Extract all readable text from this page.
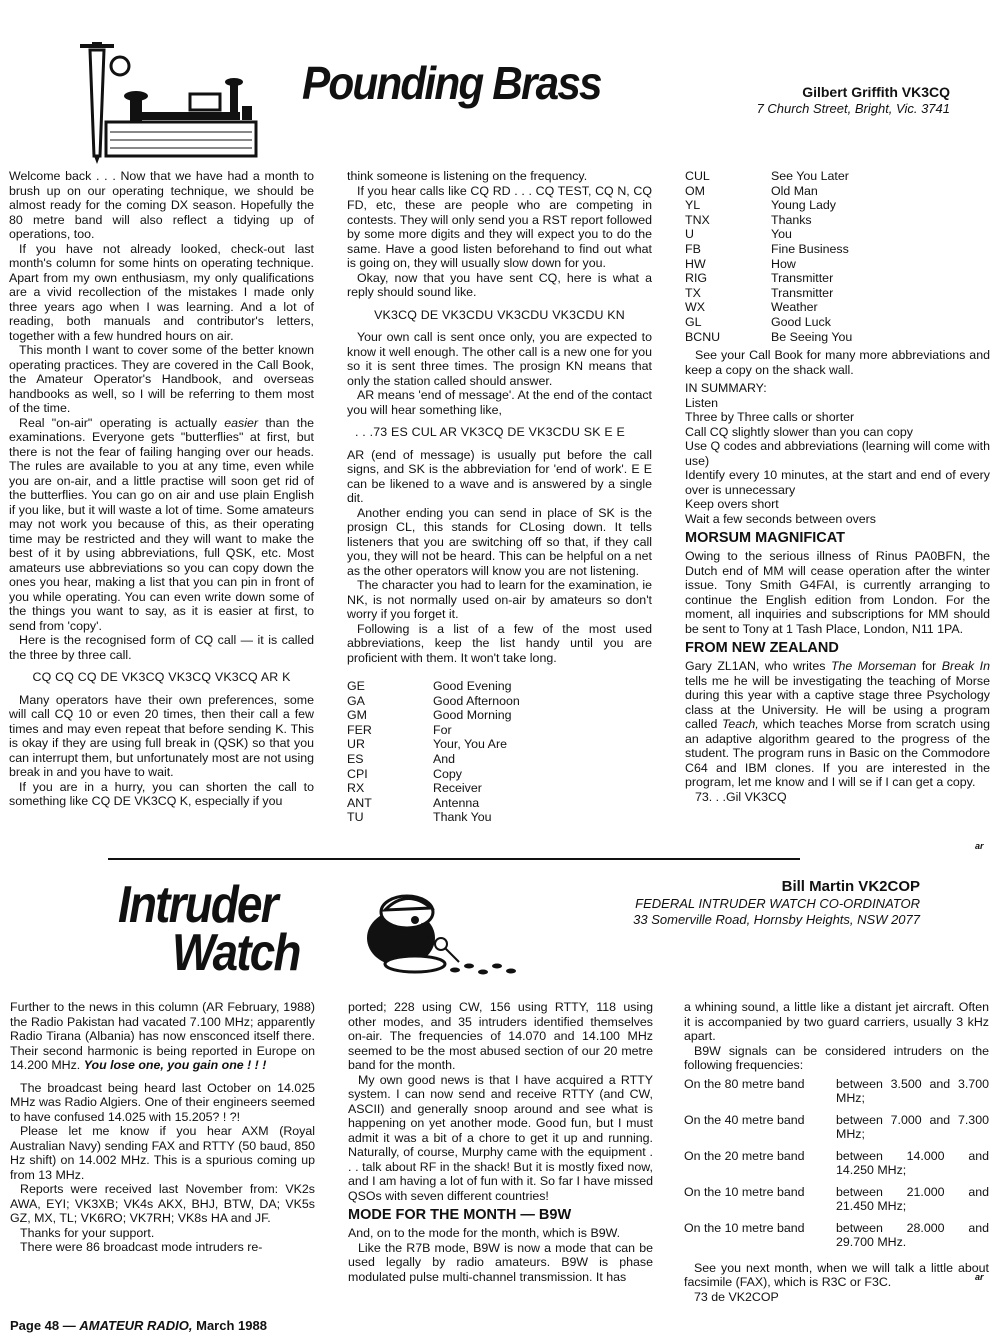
Pounding Brass	Gilbert Griffith VK3CQ
7 Church Street, Bright, Vic. 3741

Welcome back . . . Now that we have had a month to brush up on our operating technique, we should be almost ready for the coming DX season. Hopefully the 80 metre band will also reflect a tidying up of operations, too.

If you have not already looked, check-out last month's column for some hints on operating technique. Apart from my own enthusiasm, my only qualifications are a vivid recollection of the mistakes I made only three years ago when I was learning. And a lot of reading, both manuals and contributor's letters, together with a few hundred hours on air.

This month I want to cover some of the better known operating practices. They are covered in the Call Book, the Amateur Operator's Handbook, and overseas handbooks as well, so I will be referring to them most of the time.

Real "on-air" operating is actually easier than the examinations. Everyone gets "butterflies" at first, but there is not the fear of failing hanging over our heads. The rules are available to you at any time, even while you are on-air, and a little practise will soon get rid of the butterflies. You can go on air and use plain English if you like, but it will waste a lot of time. Some amateurs may not work you because of this, as their operating time may be restricted and they will want to make the best of it by using abbreviations, full QSK, etc. Most amateurs use abbreviations so you can copy down the ones you hear, making a list that you can pin in front of you while operating. You can even write down some of the things you want to say, as it is easier at first, to send from 'copy'.

Here is the recognised form of CQ call — it is called the three by three call.

CQ CQ CQ DE VK3CQ VK3CQ VK3CQ AR K

Many operators have their own preferences, some will call CQ 10 or even 20 times, then their call a few times and may even repeat that before sending K. This is okay if they are using full break in (QSK) so that you can interrupt them, but unfortunately most are not using break in and you have to wait.

If you are in a hurry, you can shorten the call to something like CQ DE VK3CQ K, especially if you

think someone is listening on the frequency.

If you hear calls like CQ RD . . . CQ TEST, CQ N, CQ FD, etc, these are people who are competing in contests. They will only send you a RST report followed by some more digits and they will expect you to do the same. Have a good listen beforehand to find out what is going on, they will usually slow down for you.

Okay, now that you have sent CQ, here is what a reply should sound like.

VK3CQ DE VK3CDU VK3CDU VK3CDU KN

Your own call is sent once only, you are expected to know it well enough. The other call is a new one for you so it is sent three times. The prosign KN means that only the station called should answer.

AR means 'end of message'. At the end of the contact you will hear something like,

. . .73 ES CUL AR VK3CQ DE VK3CDU SK E E

AR (end of message) is usually put before the call signs, and SK is the abbreviation for 'end of work'. E E can be likened to a wave and is answered by a single dit.

Another ending you can send in place of SK is the prosign CL, this stands for CLosing down. It tells listeners that you are switching off so that, if they call you, they will not be heard. This can be helpful on a net as the other operators will know you are not listening.

The character you had to learn for the examination, ie NK, is not normally used on-air by amateurs so don't worry if you forget it.

Following is a list of a few of the most used abbreviations, keep the list handy until you are proficient with them. It won't take long.

GE	Good Evening
GA	Good Afternoon
GM	Good Morning
FER	For
UR	Your, You Are
ES	And
CPI	Copy
RX	Receiver
ANT	Antenna
TU	Thank You
CUL	See You Later
OM	Old Man
YL	Young Lady
TNX	Thanks
U	You
FB	Fine Business
HW	How
RIG	Transmitter
TX	Transmitter
WX	Weather
GL	Good Luck
BCNU	Be Seeing You

See your Call Book for many more abbreviations and keep a copy on the shack wall.

IN SUMMARY:

Listen

Three by Three calls or shorter

Call CQ slightly slower than you can copy

Use Q codes and abbreviations (learning will come with use)

Identify every 10 minutes, at the start and end of every over is unnecessary

Keep overs short

Wait a few seconds between overs

MORSUM MAGNIFICAT

Owing to the serious illness of Rinus PA0BFN, the Dutch end of MM will cease operation after the winter issue. Tony Smith G4FAI, is currently arranging to continue the English edition from London. For the moment, all inquiries and subscriptions for MM should be sent to Tony at 1 Tash Place, London, N11 1PA.

FROM NEW ZEALAND

Gary ZL1AN, who writes The Morseman for Break In tells me he will be investigating the teaching of Morse during this year with a captive stage three Psychology class at the University. He will be using a program called Teach, which teaches Morse from scratch using an adaptive algorithm geared to the progress of the student. The program runs in Basic on the Commodore C64 and IBM clones. If you are interested in the program, let me know and I will se if I can get a copy.

73. . .Gil VK3CQ

ar
Intruder
Watch
Bill Martin VK2COP
FEDERAL INTRUDER WATCH CO-ORDINATOR
33 Somerville Road, Hornsby Heights, NSW 2077

Further to the news in this column (AR February, 1988) the Radio Pakistan had vacated 7.100 MHz; apparently Radio Tirana (Albania) has now ensconced itself there. Their second harmonic is being reported in Europe on 14.200 MHz. You lose one, you gain one ! ! !

The broadcast being heard last October on 14.025 MHz was Radio Algiers. One of their engineers seemed to have confused 14.025 with 15.205? ! ?!

Please let me know if you hear AXM (Royal Australian Navy) sending FAX and RTTY (50 baud, 850 Hz shift) on 14.002 MHz. This is a spurious coming up from 13 MHz.

Reports were received last November from: VK2s AWA, EYI; VK3XB; VK4s AKX, BHJ, BTW, DA; VK5s GZ, MX, TL; VK6RO; VK7RH; VK8s HA and JF.

Thanks for your support.

There were 86 broadcast mode intruders re-

ported; 228 using CW, 156 using RTTY, 118 using other modes, and 35 intruders identified themselves on-air. The frequencies of 14.070 and 14.100 MHz seemed to be the most abused section of our 20 metre band for the month.

My own good news is that I have acquired a RTTY system. I can now send and receive RTTY (and CW, ASCII) and generally snoop around and see what is happening on yet another mode. Good fun, but I must admit it was a bit of a chore to get it up and running. Naturally, of course, Murphy came with the equipment . . . talk about RF in the shack! But it is mostly fixed now, and I am having a lot of fun with it. So far I have missed QSOs with seven different countries!

MODE FOR THE MONTH — B9W

And, on to the mode for the month, which is B9W.

Like the R7B mode, B9W is now a mode that can be used legally by radio amateurs. B9W is phase modulated pulse multi-channel transmission. It has

a whining sound, a little like a distant jet aircraft. Often it is accompanied by two guard carriers, usually 3 kHz apart.

B9W signals can be considered intruders on the following frequencies:

On the 80 metre band	between 3.500 and 3.700 MHz;
On the 40 metre band	between 7.000 and 7.300 MHz;
On the 20 metre band	between 14.000 and 14.250 MHz;
On the 10 metre band	between 21.000 and 21.450 MHz;
On the 10 metre band	between 28.000 and 29.700 MHz.

See you next month, when we will talk a little about facsimile (FAX), which is R3C or F3C.

73 de VK2COP

ar
Page 48 — AMATEUR RADIO, March 1988
